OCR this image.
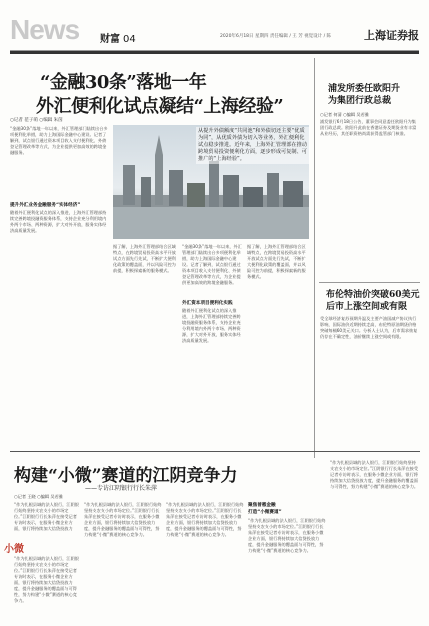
News 财富 04	2020年6月18日 星期四 责任编辑 / 王 芳 视觉设计 / 陈	上海证券报
“金融30条”落地一年
外汇便利化试点凝结“上海经验”
○记者 范子萌 ○编辑 朱茵
从提升外债额度“共同池”和外债切还主要“优质为同”，从优质外债为切入等业务，外汇便利化试点稳步推进。近年来，上海外汇管理部在推动跨境贸易投资便利化方面，逐步形成可复制、可推广的“上海经验”。
“金融30条”落地一年以来，外汇管理部门陆续出台多项便利化举措，助力上海国际金融中心建设。记者了解到，试点银行通过资本项目收入支付便利化、外债登记管理改革等方式，为企业提供更加高效的跨境金融服务。
提升外汇业务金融服务“实体经济”
随着外汇便利化试点的深入推进，上海外汇管理部持续完善跨境投融资服务体系，支持企业充分利用境内外两个市场、两种资源，扩大对外开放，服务实体经济高质量发展。
据了解，上海外汇管理部结合区域特点，在跨境贸易投资高水平开放试点方面先行先试，不断扩大便利化政策的覆盖面，并以风险可控为前提，积极探索新的服务模式。
外汇资本项目便利化实践
“金融30条”落地一年以来，外汇管理部门陆续出台多项便利化举措，助力上海国际金融中心建设。记者了解到，试点银行通过资本项目收入支付便利化、外债登记管理改革等方式，为企业提供更加高效的跨境金融服务。
随着外汇便利化试点的深入推进，上海外汇管理部持续完善跨境投融资服务体系，支持企业充分利用境内外两个市场、两种资源，扩大对外开放，服务实体经济高质量发展。
据了解，上海外汇管理部结合区域特点，在跨境贸易投资高水平开放试点方面先行先试，不断扩大便利化政策的覆盖面，并以风险可控为前提，积极探索新的服务模式。
浦发所委任欧阳升
为集团行政总裁
○记者 何清 ○编辑 吴若雅
浦发银行6月18日公告，董事会同意委任欧阳升为集团行政总裁。欧阳升此前在香港证券及期货业有丰富从业经历，其任职资格尚需获得监管部门核准。
布伦特油价突破60美元
后市上涨空间或有限
受全球经济复苏预期升温及主要产油国减产协议执行影响，国际油价近期持续走高，布伦特原油期货价格突破每桶60美元关口。分析人士认为，后市需求恢复仍存在不确定性，油价继续上涨空间或有限。
构建“小微”赛道的江阴竞争力
——专访江阴银行行长朱萍
○记者 王晓 ○编辑 吴若雅
“作为扎根县域的法人银行，江阴银行始终坚持支农支小的市场定位。”江阴银行行长朱萍在接受记者专访时表示，在服务小微企业方面，银行将持续加大信贷投放力
小微
“作为扎根县域的法人银行，江阴银行始终坚持支农支小的市场定位。”江阴银行行长朱萍在接受记者专访时表示，在服务小微企业方面，银行将持续加大信贷投放力度，提升金融服务的覆盖面与可得性，努力构建“小微”赛道的核心竞争力。
“作为扎根县域的法人银行，江阴银行始终坚持支农支小的市场定位。”江阴银行行长朱萍在接受记者专访时表示，在服务小微企业方面，银行将持续加大信贷投放力度，提升金融服务的覆盖面与可得性，努力构建“小微”赛道的核心竞争力。
“作为扎根县域的法人银行，江阴银行始终坚持支农支小的市场定位。”江阴银行行长朱萍在接受记者专访时表示，在服务小微企业方面，银行将持续加大信贷投放力度，提升金融服务的覆盖面与可得性，努力构建“小微”赛道的核心竞争力。
聚焦普惠金融
打造“小微赛道”
“作为扎根县域的法人银行，江阴银行始终坚持支农支小的市场定位。”江阴银行行长朱萍在接受记者专访时表示，在服务小微企业方面，银行将持续加大信贷投放力度，提升金融服务的覆盖面与可得性，努力构建“小微”赛道的核心竞争力。
“作为扎根县域的法人银行，江阴银行始终坚持支农支小的市场定位。”江阴银行行长朱萍在接受记者专访时表示，在服务小微企业方面，银行将持续加大信贷投放力度，提升金融服务的覆盖面与可得性，努力构建“小微”赛道的核心竞争力。
